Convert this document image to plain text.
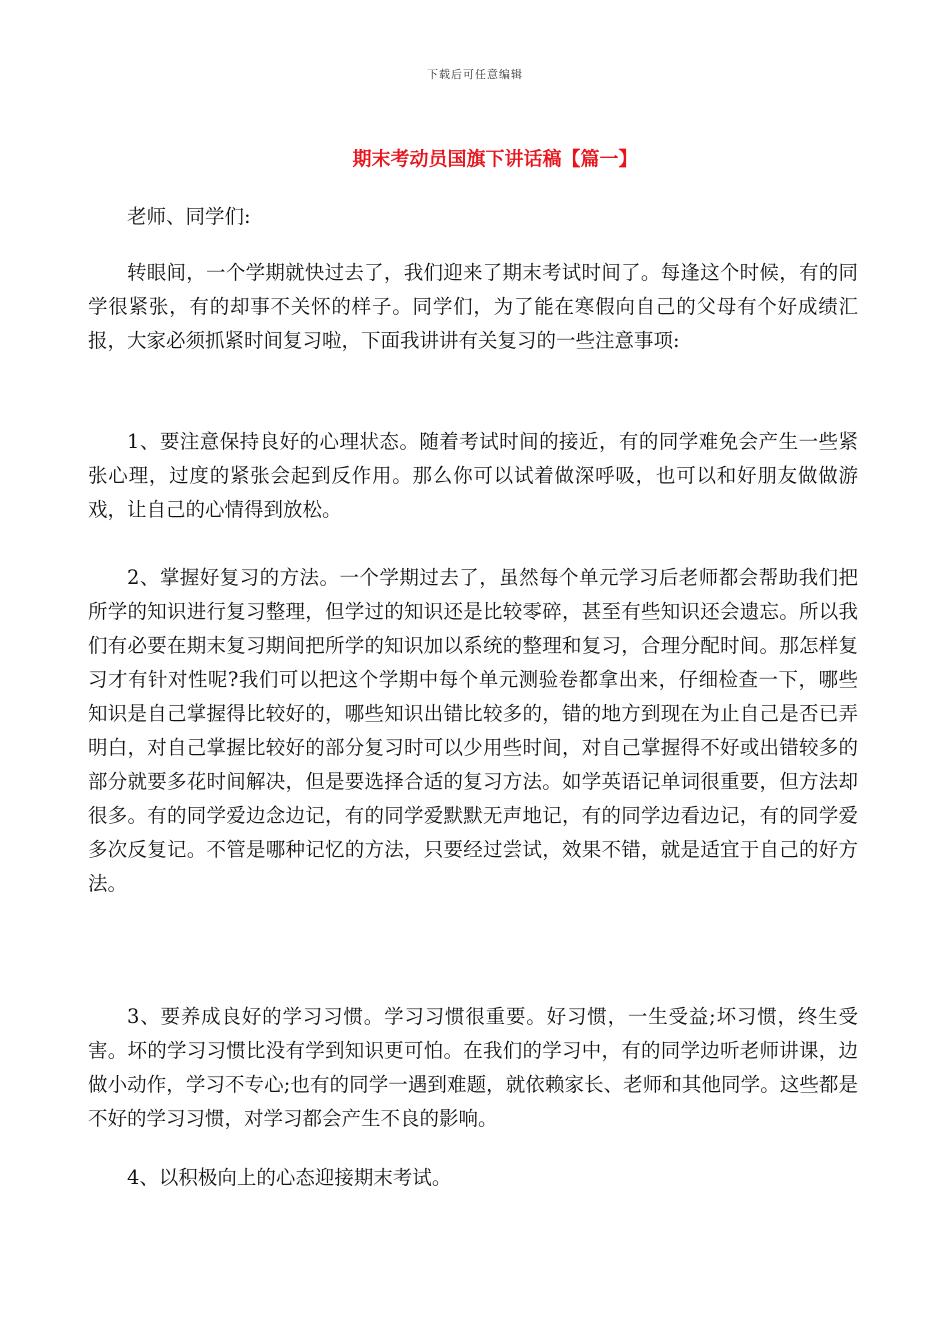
下载后可任意编辑
期末考动员国旗下讲话稿【篇一】
老师、同学们:
转眼间，一个学期就快过去了，我们迎来了期末考试时间了。每逢这个时候，有的同学很紧张，有的却事不关怀的样子。同学们，为了能在寒假向自己的父母有个好成绩汇报，大家必须抓紧时间复习啦，下面我讲讲有关复习的一些注意事项:
1、要注意保持良好的心理状态。随着考试时间的接近，有的同学难免会产生一些紧张心理，过度的紧张会起到反作用。那么你可以试着做深呼吸，也可以和好朋友做做游戏，让自己的心情得到放松。
2、掌握好复习的方法。一个学期过去了，虽然每个单元学习后老师都会帮助我们把所学的知识进行复习整理，但学过的知识还是比较零碎，甚至有些知识还会遗忘。所以我们有必要在期末复习期间把所学的知识加以系统的整理和复习，合理分配时间。那怎样复习才有针对性呢?我们可以把这个学期中每个单元测验卷都拿出来，仔细检查一下，哪些知识是自己掌握得比较好的，哪些知识出错比较多的，错的地方到现在为止自己是否已弄明白，对自己掌握比较好的部分复习时可以少用些时间，对自己掌握得不好或出错较多的部分就要多花时间解决，但是要选择合适的复习方法。如学英语记单词很重要，但方法却很多。有的同学爱边念边记，有的同学爱默默无声地记，有的同学边看边记，有的同学爱多次反复记。不管是哪种记忆的方法，只要经过尝试，效果不错，就是适宜于自己的好方法。
3、要养成良好的学习习惯。学习习惯很重要。好习惯，一生受益;坏习惯，终生受害。坏的学习习惯比没有学到知识更可怕。在我们的学习中，有的同学边听老师讲课，边做小动作，学习不专心;也有的同学一遇到难题，就依赖家长、老师和其他同学。这些都是不好的学习习惯，对学习都会产生不良的影响。
4、以积极向上的心态迎接期末考试。
